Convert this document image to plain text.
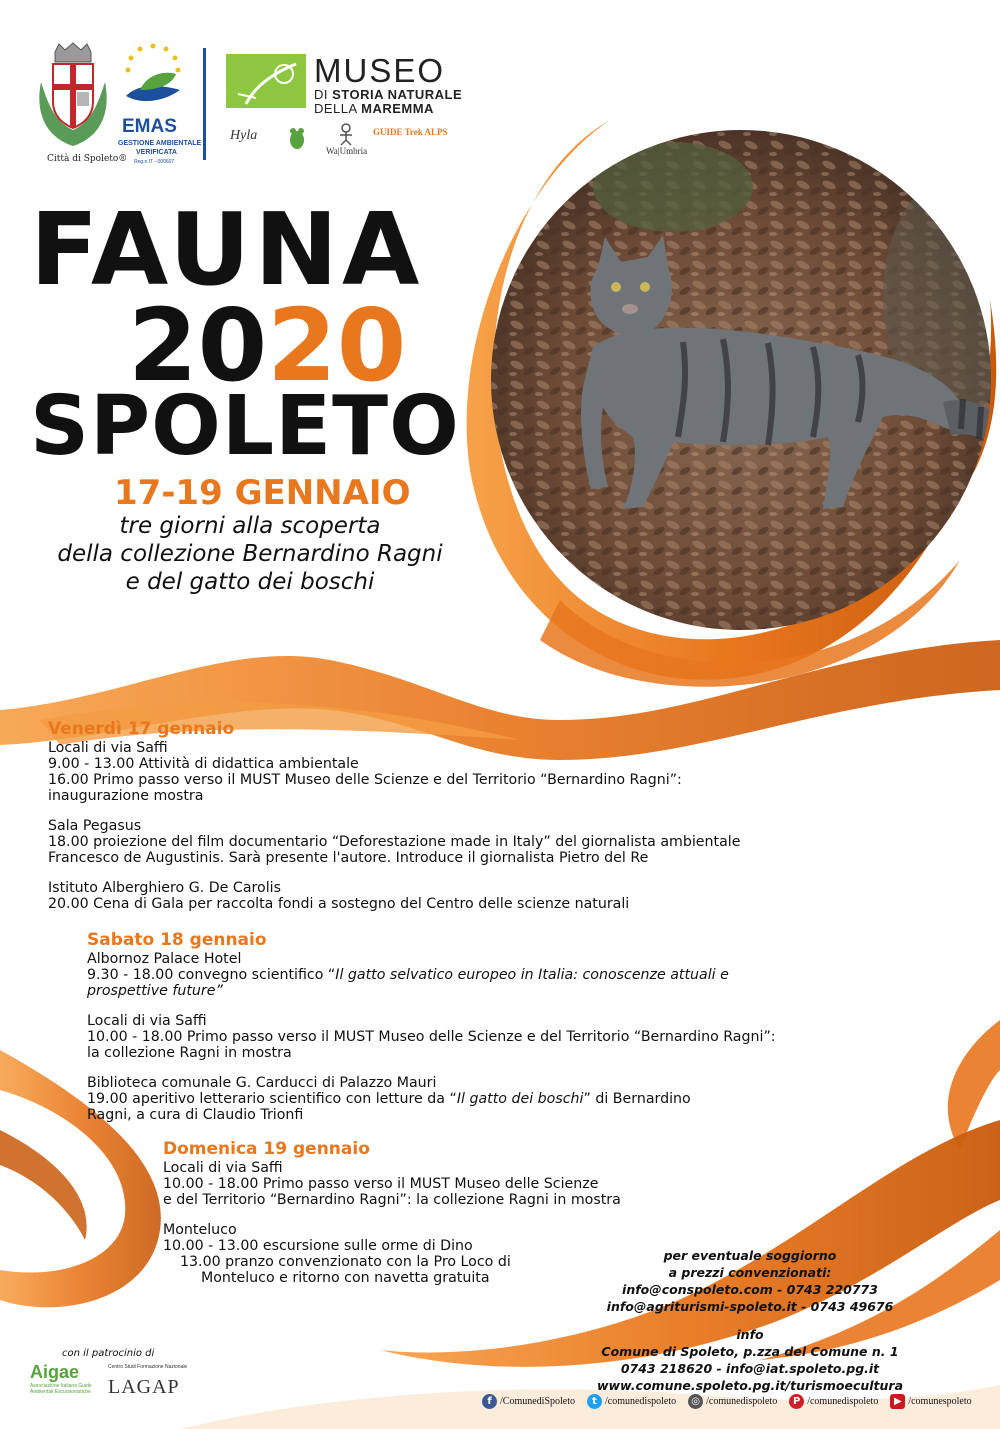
Città di Spoleto®
EMAS
GESTIONE AMBIENTALE
VERIFICATA
Reg.n.IT - 000607
MUSEO
DI STORIA NATURALE
DELLA MAREMMA
Hyla
Wa|Umbria
GUIDE Trek ALPS
FAUNA
2020
SPOLETO
17-19 GENNAIO
tre giorni alla scoperta
della collezione Bernardino Ragni
e del gatto dei boschi
Venerdì 17 gennaio
Locali di via Saffi
9.00 - 13.00 Attività di didattica ambientale
16.00 Primo passo verso il MUST Museo delle Scienze e del Territorio “Bernardino Ragni”:
inaugurazione mostra
Sala Pegasus
18.00 proiezione del film documentario “Deforestazione made in Italy” del giornalista ambientale
Francesco de Augustinis. Sarà presente l'autore. Introduce il giornalista Pietro del Re
Istituto Alberghiero G. De Carolis
20.00 Cena di Gala per raccolta fondi a sostegno del Centro delle scienze naturali
Sabato 18 gennaio
Albornoz Palace Hotel
9.30 - 18.00 convegno scientifico “Il gatto selvatico europeo in Italia: conoscenze attuali e
prospettive future”
Locali di via Saffi
10.00 - 18.00 Primo passo verso il MUST Museo delle Scienze e del Territorio “Bernardino Ragni”:
la collezione Ragni in mostra
Biblioteca comunale G. Carducci di Palazzo Mauri
19.00 aperitivo letterario scientifico con letture da “Il gatto dei boschi” di Bernardino
Ragni, a cura di Claudio Trionfi
Domenica 19 gennaio
Locali di via Saffi
10.00 - 18.00 Primo passo verso il MUST Museo delle Scienze
e del Territorio “Bernardino Ragni”: la collezione Ragni in mostra
Monteluco
10.00 - 13.00 escursione sulle orme di Dino
13.00 pranzo convenzionato con la Pro Loco di
Monteluco e ritorno con navetta gratuita
per eventuale soggiorno
a prezzi convenzionati:
info@conspoleto.com - 0743 220773
info@agriturismi-spoleto.it - 0743 49676
info
Comune di Spoleto, p.zza del Comune n. 1
0743 218620 - info@iat.spoleto.pg.it
www.comune.spoleto.pg.it/turismoecultura
f /ComunediSpoleto	t /comunedispoleto	◎ /comunedispoleto	P /comunedispoleto	▶ /comunespoleto
con il patrocinio di
Aigae
Associazione Italiana Guide
Ambientali Escursionistiche
Centro Studi Formazione Nazionale
LAGAP
